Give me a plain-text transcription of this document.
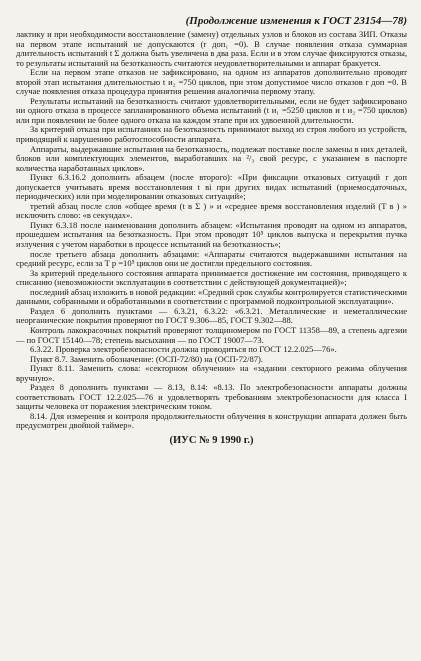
(Продолжение изменения к ГОСТ 23154—78)

лактику и при необходимости восстановление (замену) отдельных узлов и блоков из состава ЗИП. Отказы на первом этапе испытаний не допускаются (r доп₁ =0). В случае появления отказа суммарная длительность испытаний t Σ должна быть увеличена в два раза. Если и в этом случае фиксируются отказы, то результаты испытаний на безотказность считаются неудовлетворительными и аппарат бракуется.

Если на первом этапе отказов не зафиксировано, на одном из аппаратов дополнительно проводят второй этап испытания длительностью t и₂ =750 циклов, при этом допустимое число отказов r доп =0. В случае появления отказа процедура принятия решения аналогична первому этапу.

Результаты испытаний на безотказность считают удовлетворительными, если не будет зафиксировано ни одного отказа в процессе запланированного объема испытаний (t и₁ =5250 циклов и t и₂ =750 циклов) или при появлении не более одного отказа на каждом этапе при их удвоенной длительности.

За критерий отказа при испытаниях на безотказность принимают выход из строя любого из устройств, приводящий к нарушению работоспособности аппарата.

Аппараты, выдержавшие испытания на безотказность, подлежат поставке после замены в них деталей, блоков или комплектующих элементов, выработавших на ²/₃ свой ресурс, с указанием в паспорте количества наработанных циклов».

Пункт 6.3.16.2 дополнить абзацем (после второго): «При фиксации отказовых ситуаций r доп допускается учитывать время восстановления t вi при других видах испытаний (приемосдаточных, периодических) или при моделировании отказовых ситуаций»;

третий абзац после слов «общее время (t в Σ ) » и «среднее время восстановления изделий (T в ) » исключить слово: «в секундах».

Пункт 6.3.18 после наименования дополнить абзацем: «Испытания проводят на одном из аппаратов, прошедшем испытания на безотказность. При этом проводят 10⁵ циклов выпуска и перекрытия пучка излучения с учетом наработки в процессе испытаний на безотказность»;

после третьего абзаца дополнить абзацами: «Аппараты считаются выдержавшими испытания на средний ресурс, если за T р =10⁵ циклов они не достигли предельного состояния.

За критерий предельного состояния аппарата принимается достижение им состояния, приводящего к списанию (невозможности эксплуатации в соответствии с действующей документацией)»;

последний абзац изложить в новой редакции: «Средний срок службы контролируется статистическими данными, собранными и обработанными в соответствии с программой подконтрольной эксплуатации».

Раздел 6 дополнить пунктами — 6.3.21, 6.3.22: «6.3.21. Металлические и неметаллические неорганические покрытия проверяют по ГОСТ 9.306—85, ГОСТ 9.302—88.

Контроль лакокрасочных покрытий проверяют толщиномером по ГОСТ 11358—89, а степень адгезии — по ГОСТ 15140—78; степень высыхания — по ГОСТ 19007—73.

6.3.22. Проверка электробезопасности должна проводиться по ГОСТ 12.2.025—76».

Пункт 8.7. Заменить обозначение: (ОСП-72/80) на (ОСП-72/87).

Пункт 8.11. Заменить слова: «секторном облучении» на «задании секторного режима облучения вручную».

Раздел 8 дополнить пунктами — 8.13, 8.14: «8.13. По электробезопасности аппараты должны соответствовать ГОСТ 12.2.025—76 и удовлетворять требованиям электробезопасности для класса I защиты человека от поражения электрическим током.

8.14. Для измерения и контроля продолжительности облучения в конструкции аппарата должен быть предусмотрен двойной таймер».

(ИУС № 9 1990 г.)
